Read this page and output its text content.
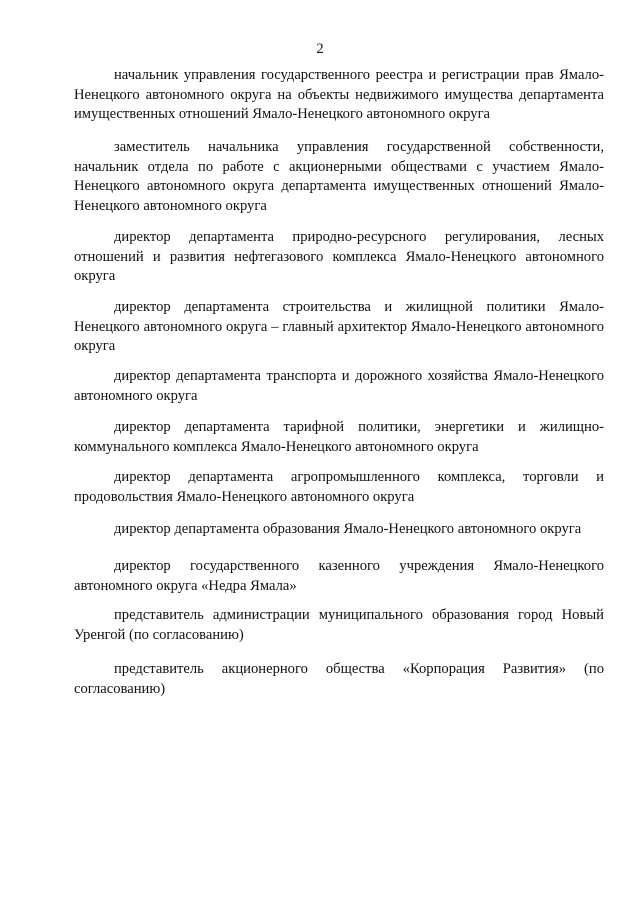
2

начальник управления государственного реестра и регистрации прав Ямало-Ненецкого автономного округа на объекты недвижимого имущества департамента имущественных отношений Ямало-Ненецкого автономного округа

заместитель начальника управления государственной собственности, начальник отдела по работе с акционерными обществами с участием Ямало-Ненецкого автономного округа департамента имущественных отношений Ямало-Ненецкого автономного округа

директор департамента природно-ресурсного регулирования, лесных отношений и развития нефтегазового комплекса Ямало-Ненецкого автономного округа

директор департамента строительства и жилищной политики Ямало-Ненецкого автономного округа – главный архитектор Ямало-Ненецкого автономного округа

директор департамента транспорта и дорожного хозяйства Ямало-Ненецкого автономного округа

директор департамента тарифной политики, энергетики и жилищно-коммунального комплекса Ямало-Ненецкого автономного округа

директор департамента агропромышленного комплекса, торговли и продовольствия Ямало-Ненецкого автономного округа

директор департамента образования Ямало-Ненецкого автономного округа

директор государственного казенного учреждения Ямало-Ненецкого автономного округа «Недра Ямала»

представитель администрации муниципального образования город Новый Уренгой (по согласованию)

представитель акционерного общества «Корпорация Развития» (по согласованию)
